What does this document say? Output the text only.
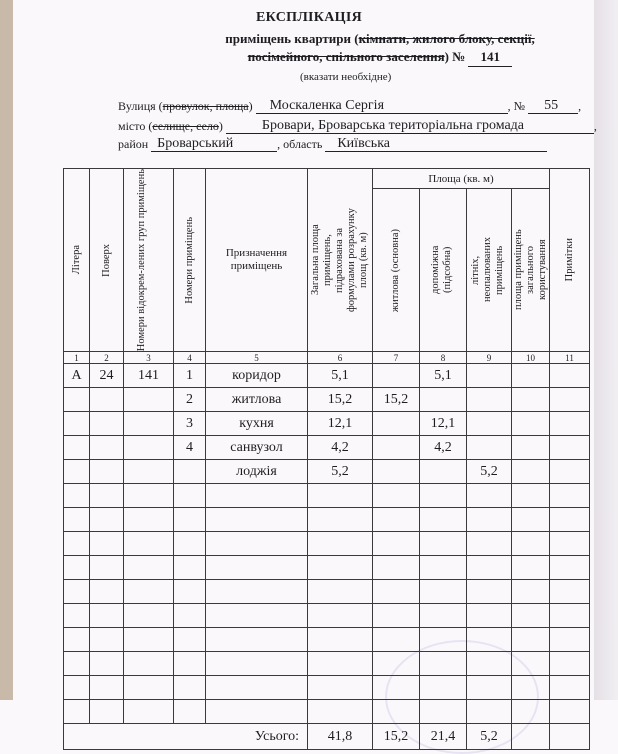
ЕКСПЛІКАЦІЯ
приміщень квартири (кімнати, жилого блоку, секції,
посімейного, спільного заселення) № 141
(вказати необхідне)
Вулиця (провулок, площа) Москаленка Сергія	, № 55 ,
місто (селище, село)	Бровари, Броварська територіальна громада	,
район Броварський	, область Київська
Літера	Поверх	Номери відокрем-лених груп приміщень	Номери приміщень	Призначення приміщень	Загальна площа приміщень, підрахована за формулами розрахунку площ (кв. м)	Площа (кв. м)				Примітки

						житлова (основна)	допоміжна (підсобна)	літніх, неопалюваних приміщень	площа приміщень загального користування	

1	2	3	4	5	6	7	8	9	10	11
А	24	141	1	коридор	5,1		5,1			
			2	житлова	15,2	15,2				
			3	кухня	12,1		12,1			
			4	санвузол	4,2		4,2			
				лоджія	5,2			5,2		

Усього:					41,8	15,2	21,4	5,2		
